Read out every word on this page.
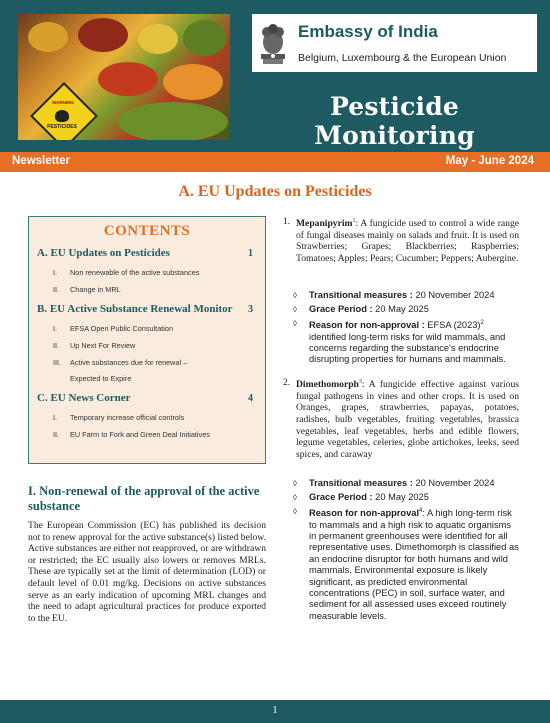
WARNING
PESTICIDES
Embassy of India
Belgium, Luxembourg & the European Union
Pesticide Monitoring
Newsletter	May - June 2024
A. EU Updates on Pesticides
CONTENTS
A. EU Updates on Pesticides	1
I. Non renewable of the active substances
II. Change in MRL
B. EU Active Substance Renewal Monitor 3
I. EFSA Open Public Consultation
II. Up Next For Review
III. Active substances due for renewal –
Expected to Expire
C. EU News Corner	4
I. Temporary increase official controls
II. EU Farm to Fork and Green Deal Initiatives
I. Non-renewal of the approval of the active substance
The European Commission (EC) has published its decision not to renew approval for the active substance(s) listed below. Active substances are either not reapproved, or are withdrawn or restricted; the EC usually also lowers or removes MRLs. These are typically set at the limit of determination (LOD) or default level of 0.01 mg/kg. Decisions on active substances serve as an early indication of upcoming MRL changes and the need to adapt agricultural practices for produce exported to the EU.
1. Mepanipyrim$^1$: A fungicide used to control a wide range of fungal diseases mainly on salads and fruit. It is used on Strawberries; Grapes; Blackberries; Raspberries; Tomatoes; Apples; Pears; Cucumber; Peppers; Aubergine.
◊	Transitional measures : 20 November 2024
◊	Grace Period : 20 May 2025
◊	Reason for non-approval : EFSA $(2023)^2$ identified long-term risks for wild mammals, and concerns regarding the substance's endocrine disrupting properties for humans and mammals.
2. Dimethomorph$^3$: A fungicide effective against various fungal pathogens in vines and other crops. It is used on Oranges, grapes, strawberries, papayas, potatoes, radishes, bulb vegetables, fruiting vegetables, brassica vegetables, leaf vegetables, herbs and edible flowers, legume vegetables, celeries, globe artichokes, leeks, seed spices, and caraway
◊	Transitional measures : 20 November 2024
◊	Grace Period : 20 May 2025
◊	Reason for non-approval$^4$: A high long-term risk to mammals and a high risk to aquatic organisms in permanent greenhouses were identified for all representative uses. Dimethomorph is classified as an endocrine disruptor for both humans and wild mammals. Environmental exposure is likely significant, as predicted environmental concentrations (PEC) in soil, surface water, and sediment for all assessed uses exceed routinely measurable levels.
1
